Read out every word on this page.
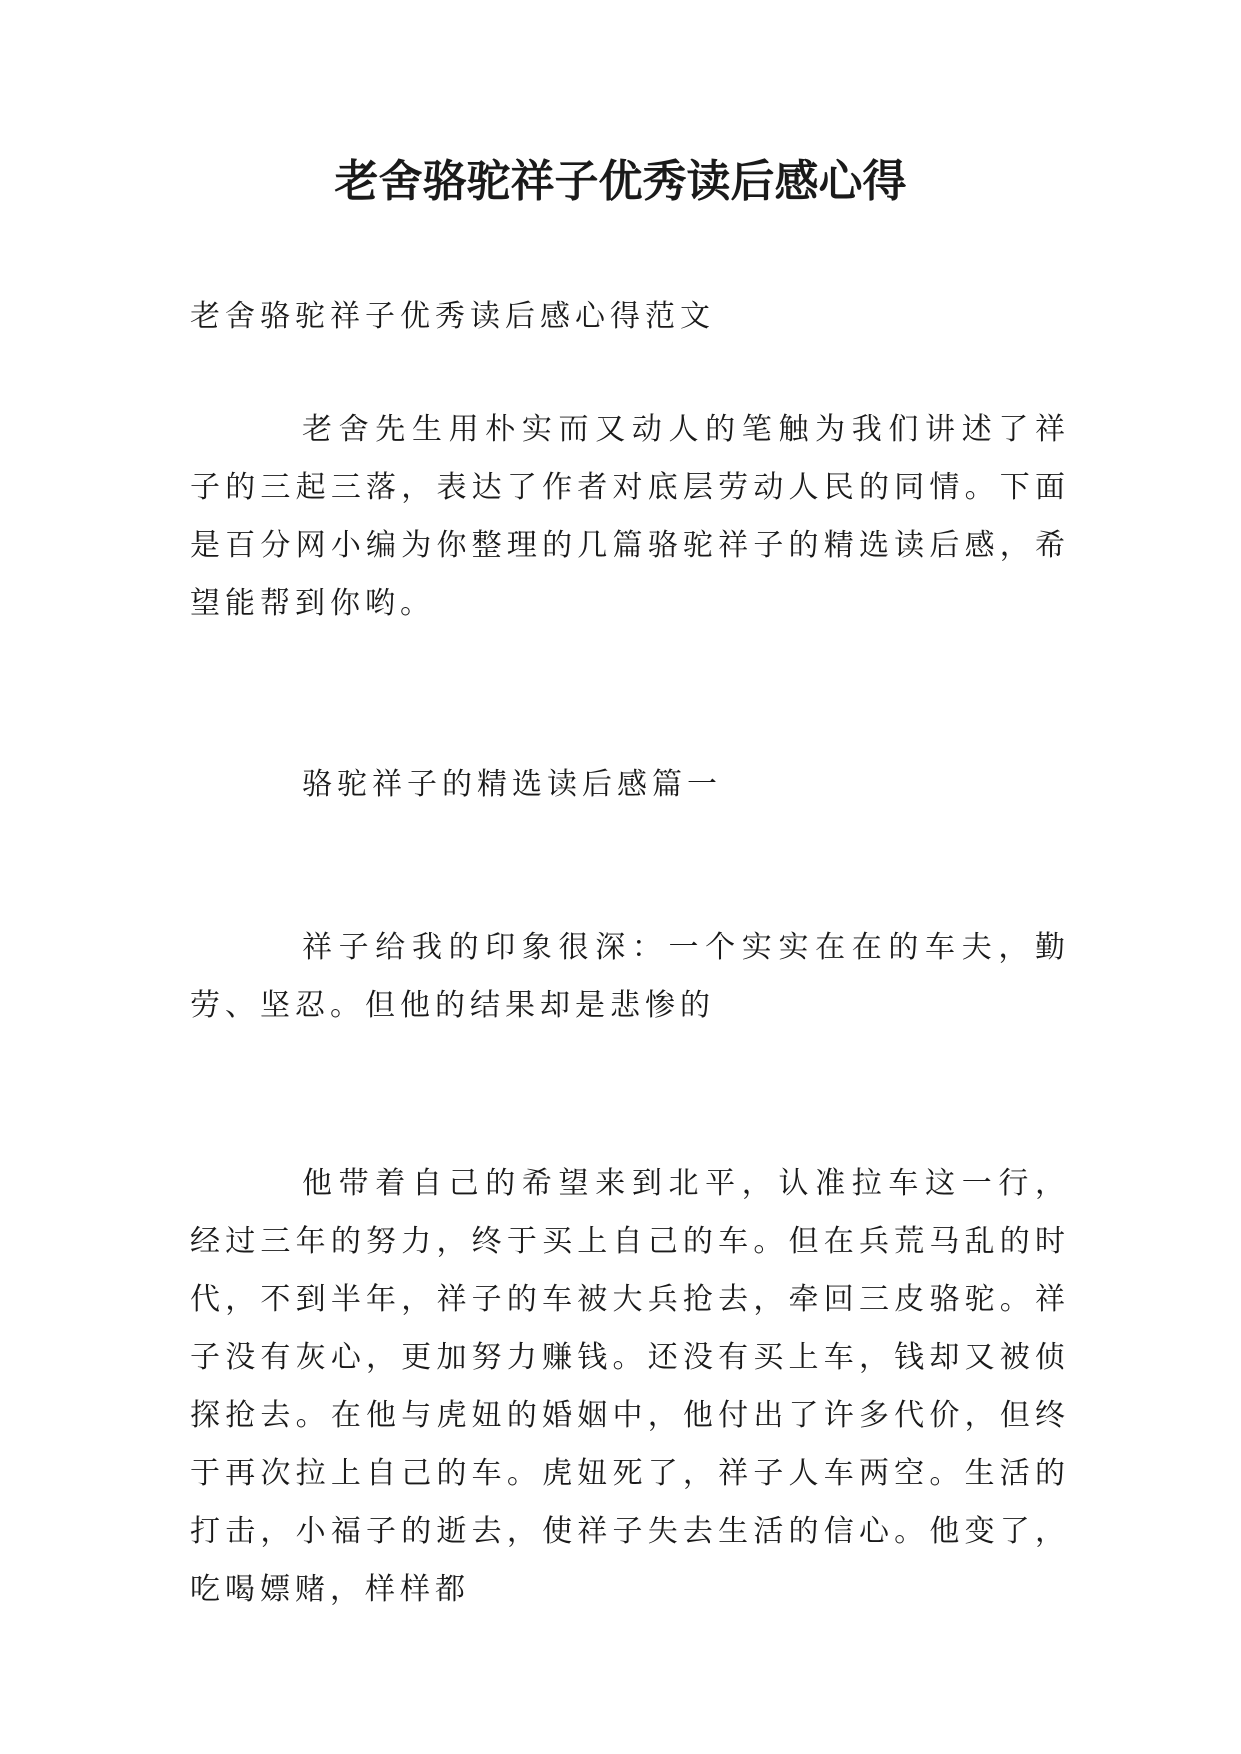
老舍骆驼祥子优秀读后感心得

老舍骆驼祥子优秀读后感心得范文

老舍先生用朴实而又动人的笔触为我们讲述了祥子的三起三落，表达了作者对底层劳动人民的同情。下面是百分网小编为你整理的几篇骆驼祥子的精选读后感，希望能帮到你哟。

骆驼祥子的精选读后感篇一

祥子给我的印象很深：一个实实在在的车夫，勤劳、坚忍。但他的结果却是悲惨的

他带着自己的希望来到北平，认准拉车这一行，经过三年的努力，终于买上自己的车。但在兵荒马乱的时代，不到半年，祥子的车被大兵抢去，牵回三皮骆驼。祥子没有灰心，更加努力赚钱。还没有买上车，钱却又被侦探抢去。在他与虎妞的婚姻中，他付出了许多代价，但终于再次拉上自己的车。虎妞死了，祥子人车两空。生活的打击，小福子的逝去，使祥子失去生活的信心。他变了，吃喝嫖赌，样样都
